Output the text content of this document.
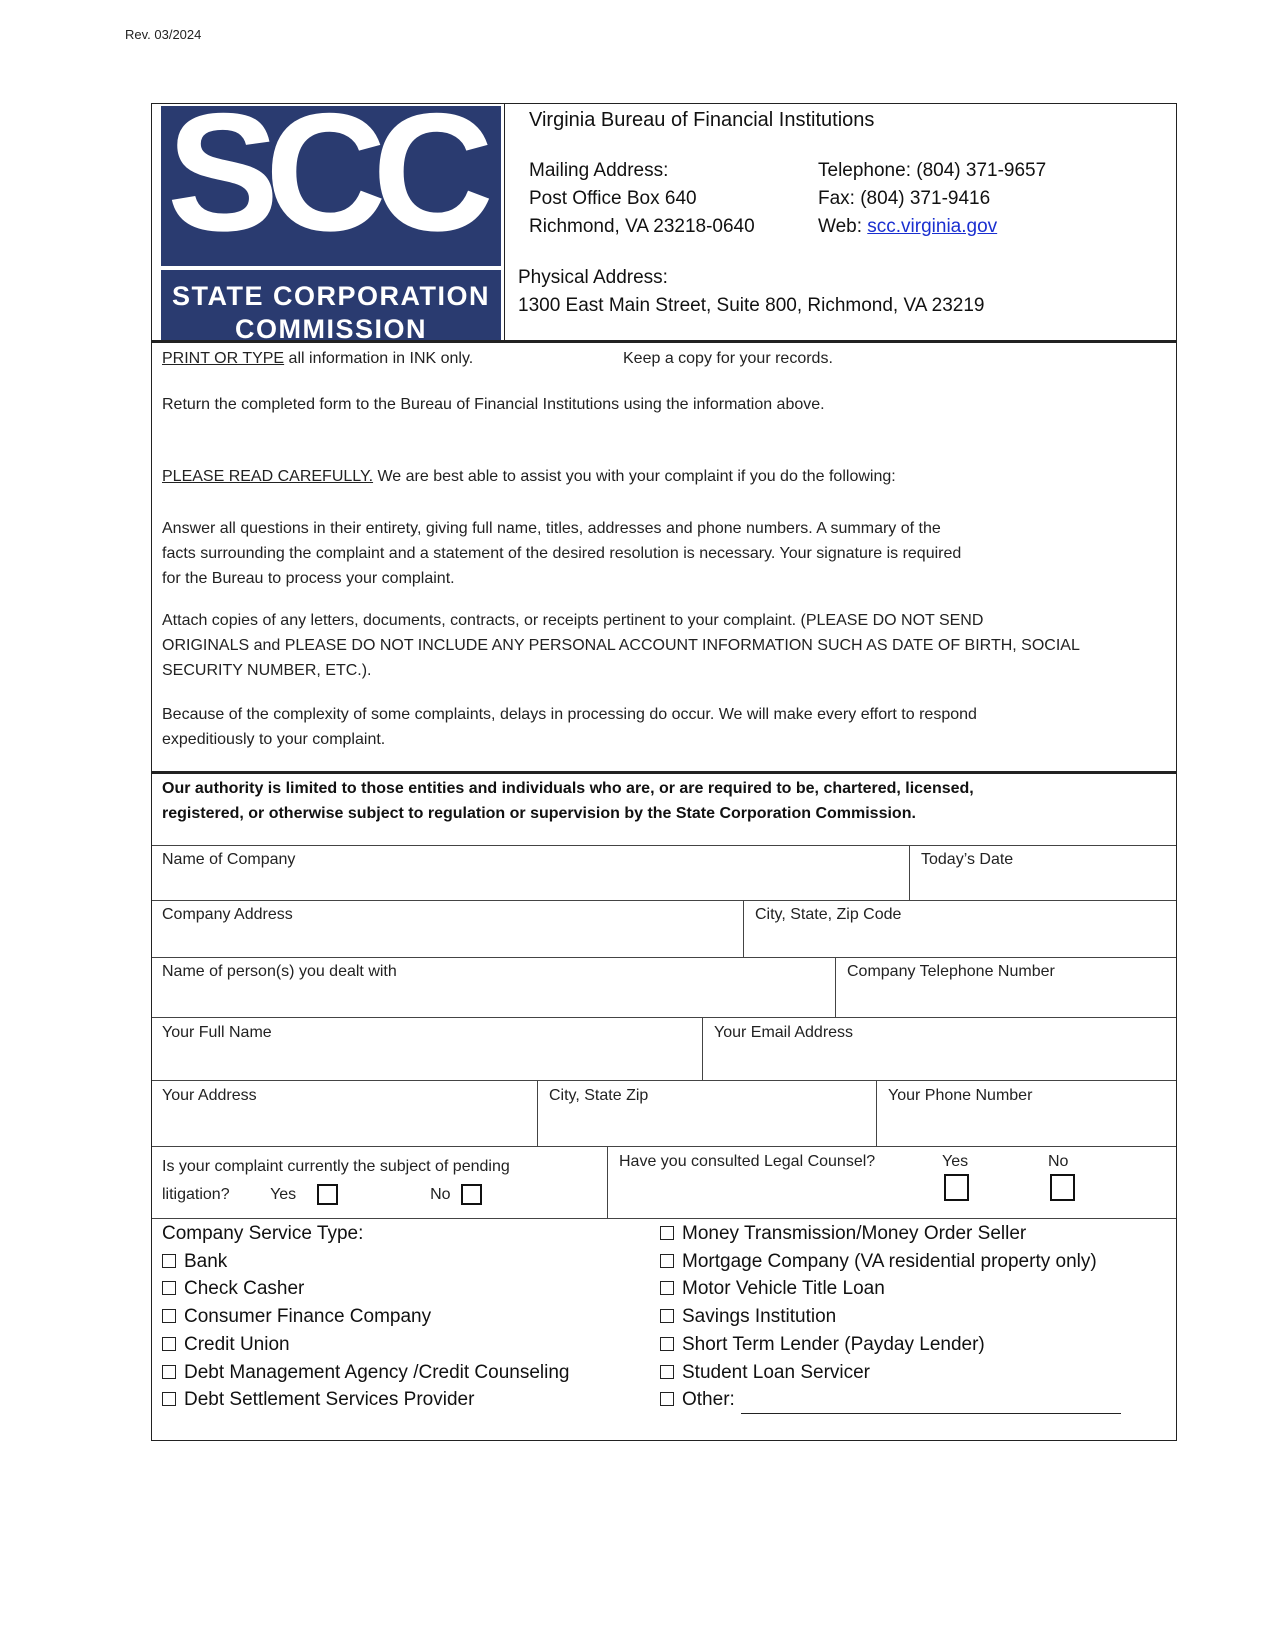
Rev. 03/2024
SCC
STATE CORPORATION
COMMISSION
Virginia Bureau of Financial Institutions
Mailing Address:
Post Office Box 640
Richmond, VA 23218-0640
Telephone: (804) 371-9657
Fax: (804) 371-9416
Web: scc.virginia.gov
Physical Address:
1300 East Main Street, Suite 800, Richmond, VA 23219
PRINT OR TYPE all information in INK only.	Keep a copy for your records.
Return the completed form to the Bureau of Financial Institutions using the information above.
PLEASE READ CAREFULLY. We are best able to assist you with your complaint if you do the following:
Answer all questions in their entirety, giving full name, titles, addresses and phone numbers. A summary of the
facts surrounding the complaint and a statement of the desired resolution is necessary. Your signature is required
for the Bureau to process your complaint.
Attach copies of any letters, documents, contracts, or receipts pertinent to your complaint. (PLEASE DO NOT SEND
ORIGINALS and PLEASE DO NOT INCLUDE ANY PERSONAL ACCOUNT INFORMATION SUCH AS DATE OF BIRTH, SOCIAL
SECURITY NUMBER, ETC.).
Because of the complexity of some complaints, delays in processing do occur. We will make every effort to respond
expeditiously to your complaint.
Our authority is limited to those entities and individuals who are, or are required to be, chartered, licensed,
registered, or otherwise subject to regulation or supervision by the State Corporation Commission.
Name of Company	Today’s Date
Company Address	City, State, Zip Code
Name of person(s) you dealt with	Company Telephone Number
Your Full Name	Your Email Address
Your Address	City, State Zip	Your Phone Number
Is your complaint currently the subject of pending
litigation?	Yes	No
Have you consulted Legal Counsel?	Yes	No
Company Service Type:
Bank
Check Casher
Consumer Finance Company
Credit Union
Debt Management Agency /Credit Counseling
Debt Settlement Services Provider
Money Transmission/Money Order Seller
Mortgage Company (VA residential property only)
Motor Vehicle Title Loan
Savings Institution
Short Term Lender (Payday Lender)
Student Loan Servicer
Other:
